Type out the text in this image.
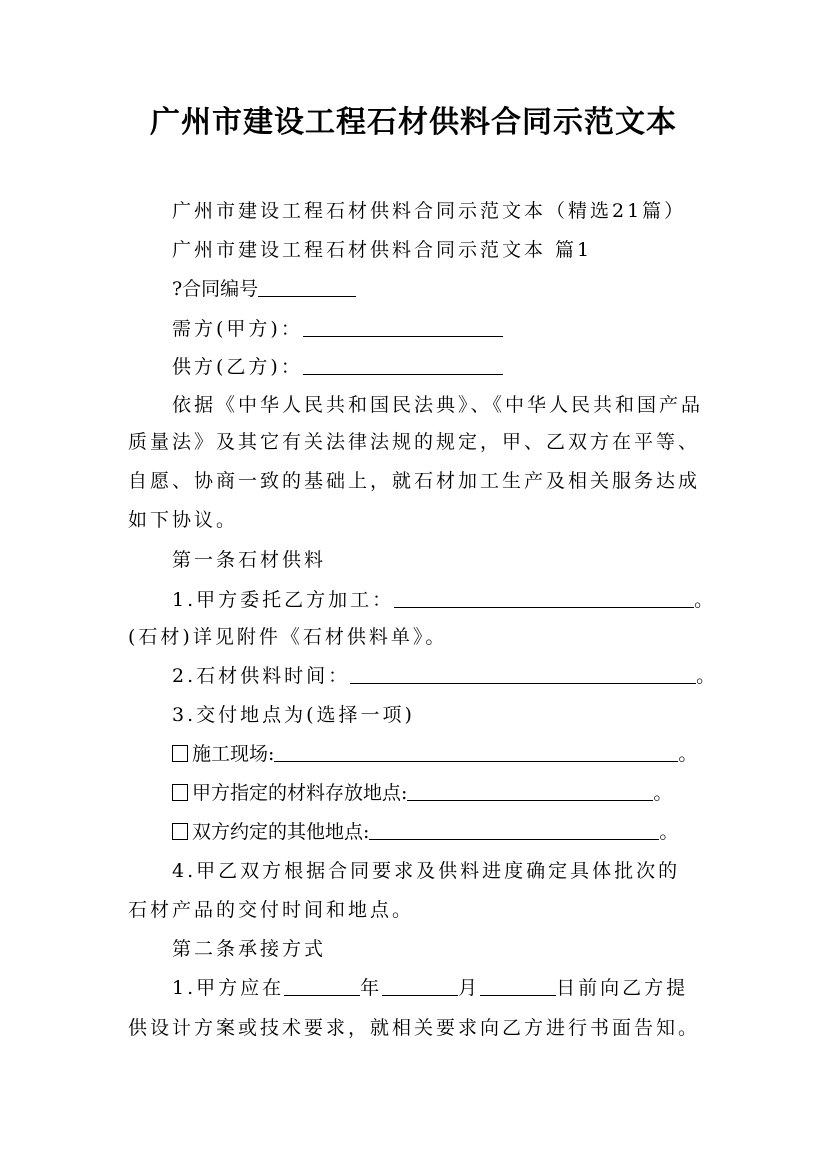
广州市建设工程石材供料合同示范文本
广州市建设工程石材供料合同示范文本（精选21篇）
广州市建设工程石材供料合同示范文本 篇1
?合同编号
需方(甲方)：
供方(乙方)：
依据《中华人民共和国民法典》、《中华人民共和国产品
质量法》及其它有关法律法规的规定，甲、乙双方在平等、
自愿、协商一致的基础上，就石材加工生产及相关服务达成
如下协议。
第一条石材供料
1.甲方委托乙方加工：	。
(石材)详见附件《石材供料单》。
2.石材供料时间：	。
3.交付地点为(选择一项)
施工现场:	。
甲方指定的材料存放地点:	。
双方约定的其他地点:	。
4.甲乙双方根据合同要求及供料进度确定具体批次的
石材产品的交付时间和地点。
第二条承接方式
1.甲方应在	年	月	日前向乙方提
供设计方案或技术要求，就相关要求向乙方进行书面告知。
